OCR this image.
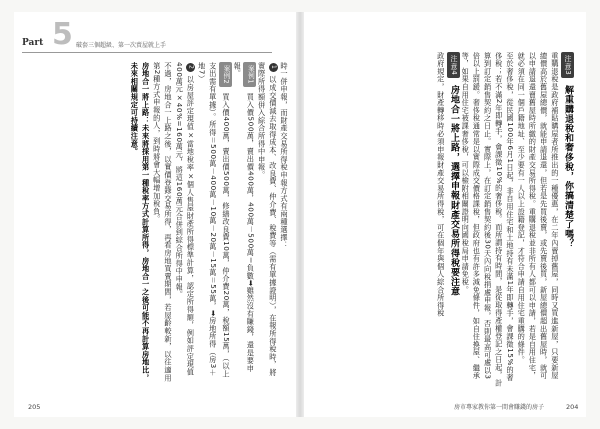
Part 5 破套三個超級、第一次賣屋就上手
時一併申報，而財產交易所得稅申報方式有兩種選擇：
1 以成交價減去取得成本、改良費、仲介費、稅費等（需有單據證明），在報所得稅時，將實際所得額併入綜合所得中申報。
案例1 買入價500萬，賣出價400萬，400萬－500萬＝負數➡雖然沒有賺錢，還是要申報。
案例2 買入價400萬，賣出價500萬，修繕改良費10萬，仲介費20萬，稅額15萬，（以上支出需有單據）。所得＝500萬－400萬－10萬－20萬－15萬＝55萬，➡房地所得（房3＋地7）
2 以房屋評定現值×當地稅率×個人售屋財產所得標準計算，認定所得額，例如評定現值400萬元×40%=160萬元，將這160萬元合併到綜合所得中申報。
不過，房地合一上路之後，以實價登錄交易所得，再看房地買賣期間，若屋齡較新，以往適用第2種方式申報的人，到時將會大幅增加稅負。
房地合一將上路：未來將採用第一種稅率方式計算所得，房地合一之後可能不再計算房地比，未來相關規定可持續注意。
205
注意3 解重購退稅和奢侈稅，你搞清楚了嗎？
重購退稅是政府補貼購屋者所推出的一種優惠，在二年內賣掉舊屋，同時又買進新屋，只要新屋總價高於舊屋總價，就能申請退還，但若是先買後賣，或先賣後買，新屋總價超出舊屋時，就可以申請退還賣舊屋時所繳的財產交易所得稅。重購退稅並非所有人都可以申請，若是自用住宅，就必須在同一個戶籍地址、至少要有一人以上設籍登記，才符合申請自用住宅重購的條件。
至於奢侈稅，從民國100年6月1日起，非自用住宅和土地持有未滿1年即轉手，會課徵15%的奢侈稅；若不滿2年即轉手，會課徵10%的奢侈稅。而所謂持有時間，是從取得產權登記之日起，計算到訂定銷售契約之日止。實際上，在訂定銷售契約後30天內向稅捐處申報，否則最高可處以3倍以上罰鍰。奢侈稅通常是以實際成交價格課稅，但政府也有許多減免條件，如自住換屋、繼承等，如果自用住宅被課奢侈稅，可以檢附相關證明向國稅局申請免稅。
注意4 房地合一將上路，選擇申報財產交易所得稅要注意
政府規定，財產轉移時必須申報財產交易所得稅，可在個年與個人綜合所得稅
房市專家教你第一間會賺錢的房子	204
